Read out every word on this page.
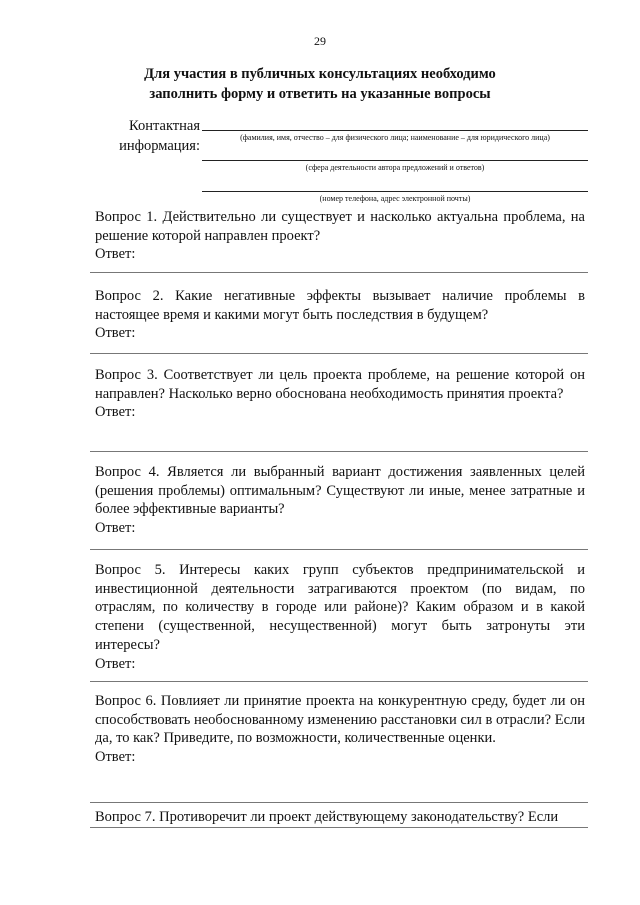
29
Для участия в публичных консультациях необходимо
заполнить форму и ответить на указанные вопросы
Контактная
информация:
(фамилия, имя, отчество – для физического лица; наименование – для юридического лица)
(сфера деятельности автора предложений и ответов)
(номер телефона, адрес электронной почты)
Вопрос 1. Действительно ли существует и насколько актуальна проблема, на решение которой направлен проект?
Ответ:
Вопрос 2. Какие негативные эффекты вызывает наличие проблемы в настоящее время и какими могут быть последствия в будущем?
Ответ:
Вопрос 3. Соответствует ли цель проекта проблеме, на решение которой он направлен? Насколько верно обоснована необходимость принятия проекта?
Ответ:
Вопрос 4. Является ли выбранный вариант достижения заявленных целей (решения проблемы) оптимальным? Существуют ли иные, менее затратные и более эффективные варианты?
Ответ:
Вопрос 5. Интересы каких групп субъектов предпринимательской и инвестиционной деятельности затрагиваются проектом (по видам, по отраслям, по количеству в городе или районе)? Каким образом и в какой степени (существенной, несущественной) могут быть затронуты эти интересы?
Ответ:
Вопрос 6. Повлияет ли принятие проекта на конкурентную среду, будет ли он способствовать необоснованному изменению расстановки сил в отрасли? Если да, то как? Приведите, по возможности, количественные оценки.
Ответ:
Вопрос 7. Противоречит ли проект действующему законодательству? Если
